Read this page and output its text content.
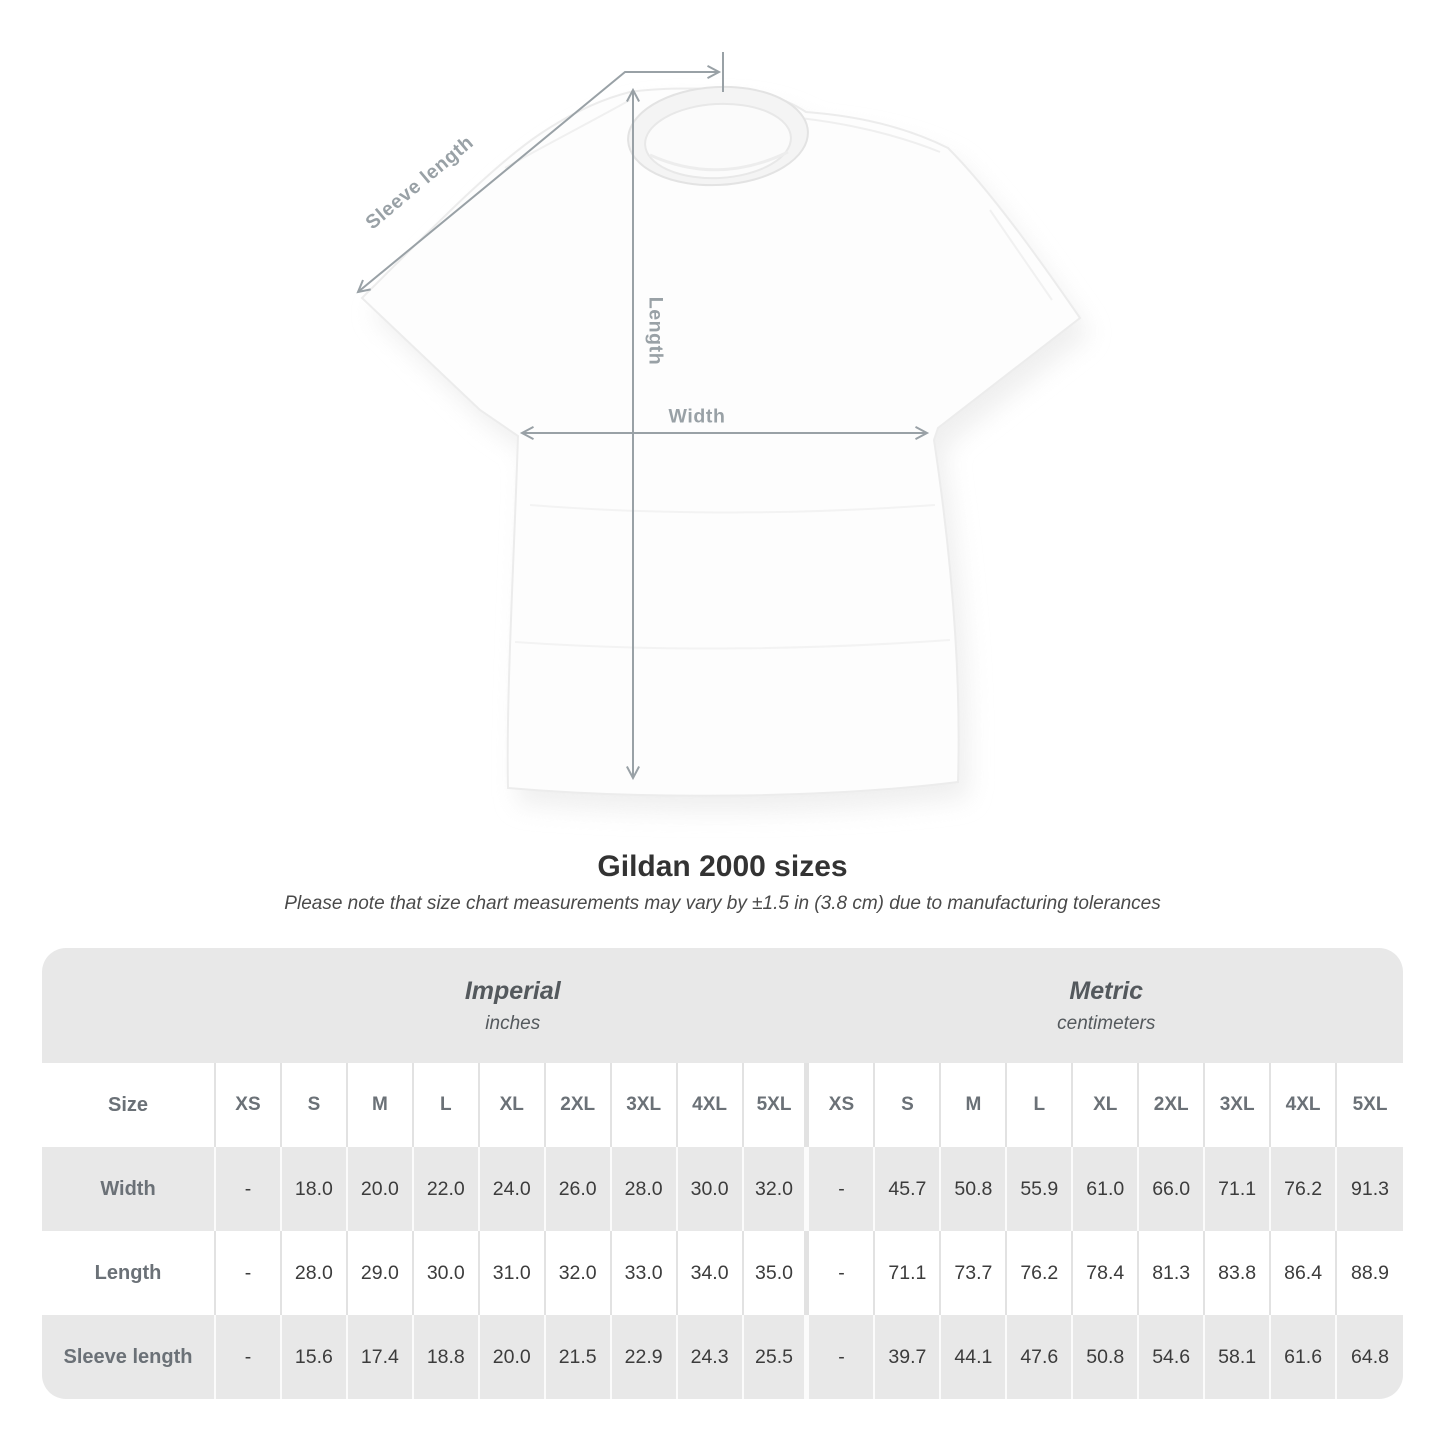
Sleeve length
Length
Width
Gildan 2000 sizes

Please note that size chart measurements may vary by ±1.5 in (3.8 cm) due to manufacturing tolerances

Imperial
inches
Metric
centimeters
Size	XS	S	M	L	XL	2XL	3XL	4XL	5XL	XS	S	M	L	XL	2XL	3XL	4XL	5XL
Width	-	18.0	20.0	22.0	24.0	26.0	28.0	30.0	32.0	-	45.7	50.8	55.9	61.0	66.0	71.1	76.2	91.3
Length	-	28.0	29.0	30.0	31.0	32.0	33.0	34.0	35.0	-	71.1	73.7	76.2	78.4	81.3	83.8	86.4	88.9
Sleeve length	-	15.6	17.4	18.8	20.0	21.5	22.9	24.3	25.5	-	39.7	44.1	47.6	50.8	54.6	58.1	61.6	64.8
